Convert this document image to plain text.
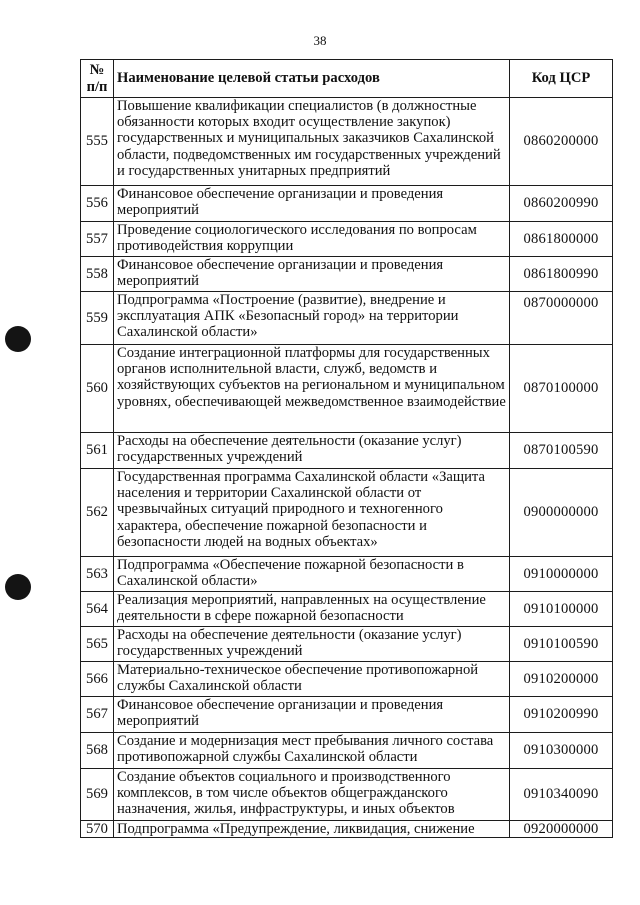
38
№ п/п	Наименование целевой статьи расходов	Код ЦСР
555	Повышение квалификации специалистов (в должностные обязанности которых входит осуществление закупок) государственных и муниципальных заказчиков Сахалинской области, подведомственных им государственных учреждений и государственных унитарных предприятий	0860200000
556	Финансовое обеспечение организации и проведения мероприятий	0860200990
557	Проведение социологического исследования по вопросам противодействия коррупции	0861800000
558	Финансовое обеспечение организации и проведения мероприятий	0861800990
559	Подпрограмма «Построение (развитие), внедрение и эксплуатация АПК «Безопасный город» на территории Сахалинской области»	0870000000
560	Создание интеграционной платформы для государственных органов исполнительной власти, служб, ведомств и хозяйствующих субъектов на региональном и муниципальном уровнях, обеспечивающей межведомственное взаимодействие	0870100000
561	Расходы на обеспечение деятельности (оказание услуг) государственных учреждений	0870100590
562	Государственная программа Сахалинской области «Защита населения и территории Сахалинской области от чрезвычайных ситуаций природного и техногенного характера, обеспечение пожарной безопасности и безопасности людей на водных объектах»	0900000000
563	Подпрограмма «Обеспечение пожарной безопасности в Сахалинской области»	0910000000
564	Реализация мероприятий, направленных на осуществление деятельности в сфере пожарной безопасности	0910100000
565	Расходы на обеспечение деятельности (оказание услуг) государственных учреждений	0910100590
566	Материально-техническое обеспечение противопожарной службы Сахалинской области	0910200000
567	Финансовое обеспечение организации и проведения мероприятий	0910200990
568	Создание и модернизация мест пребывания личного состава противопожарной службы Сахалинской области	0910300000
569	Создание объектов социального и производственного комплексов, в том числе объектов общегражданского назначения, жилья, инфраструктуры, и иных объектов	0910340090
570	Подпрограмма «Предупреждение, ликвидация, снижение	0920000000
